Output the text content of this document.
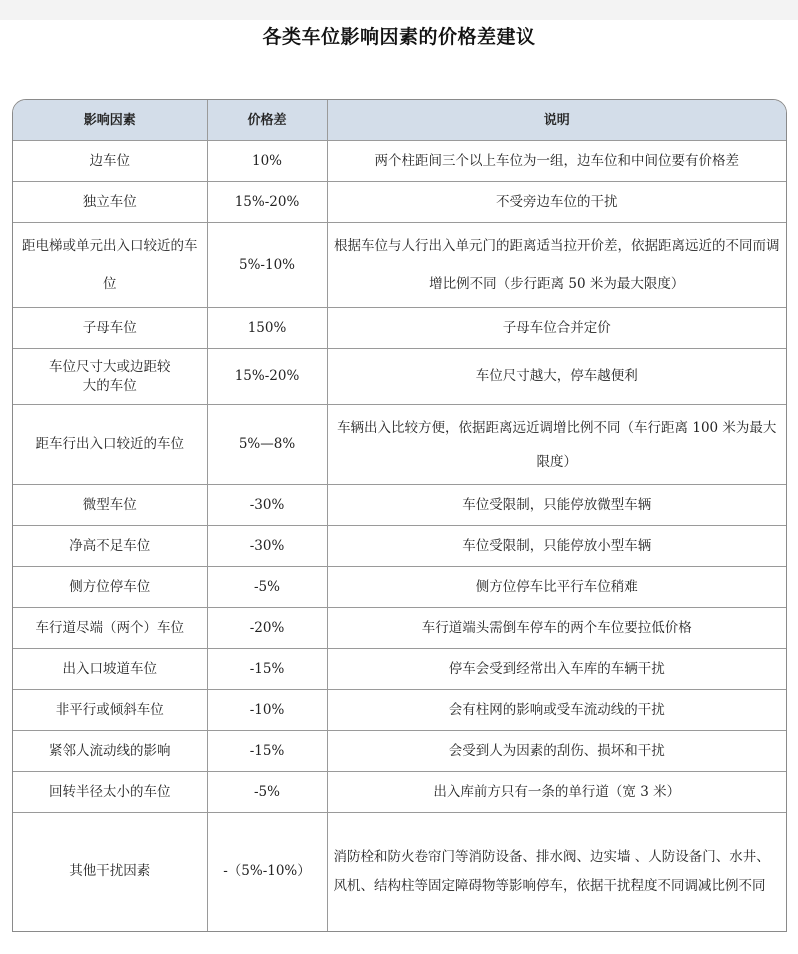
各类车位影响因素的价格差建议
影响因素	价格差	说明
边车位	10%	两个柱距间三个以上车位为一组，边车位和中间位要有价格差
独立车位	15%-20%	不受旁边车位的干扰
距电梯或单元出入口较近的车位	5%-10%	根据车位与人行出入单元门的距离适当拉开价差，依据距离远近的不同而调增比例不同（步行距离 50 米为最大限度）
子母车位	150%	子母车位合并定价
车位尺寸大或边距较大的车位	15%-20%	车位尺寸越大，停车越便利
距车行出入口较近的车位	5%—8%	车辆出入比较方便，依据距离远近调增比例不同（车行距离 100 米为最大限度）
微型车位	-30%	车位受限制，只能停放微型车辆
净高不足车位	-30%	车位受限制，只能停放小型车辆
侧方位停车位	-5%	侧方位停车比平行车位稍难
车行道尽端（两个）车位	-20%	车行道端头需倒车停车的两个车位要拉低价格
出入口坡道车位	-15%	停车会受到经常出入车库的车辆干扰
非平行或倾斜车位	-10%	会有柱网的影响或受车流动线的干扰
紧邻人流动线的影响	-15%	会受到人为因素的刮伤、损坏和干扰
回转半径太小的车位	-5%	出入库前方只有一条的单行道（宽 3 米）
其他干扰因素	-（5%-10%）	消防栓和防火卷帘门等消防设备、排水阀、边实墙 、人防设备门、水井、风机、结构柱等固定障碍物等影响停车，依据干扰程度不同调减比例不同
